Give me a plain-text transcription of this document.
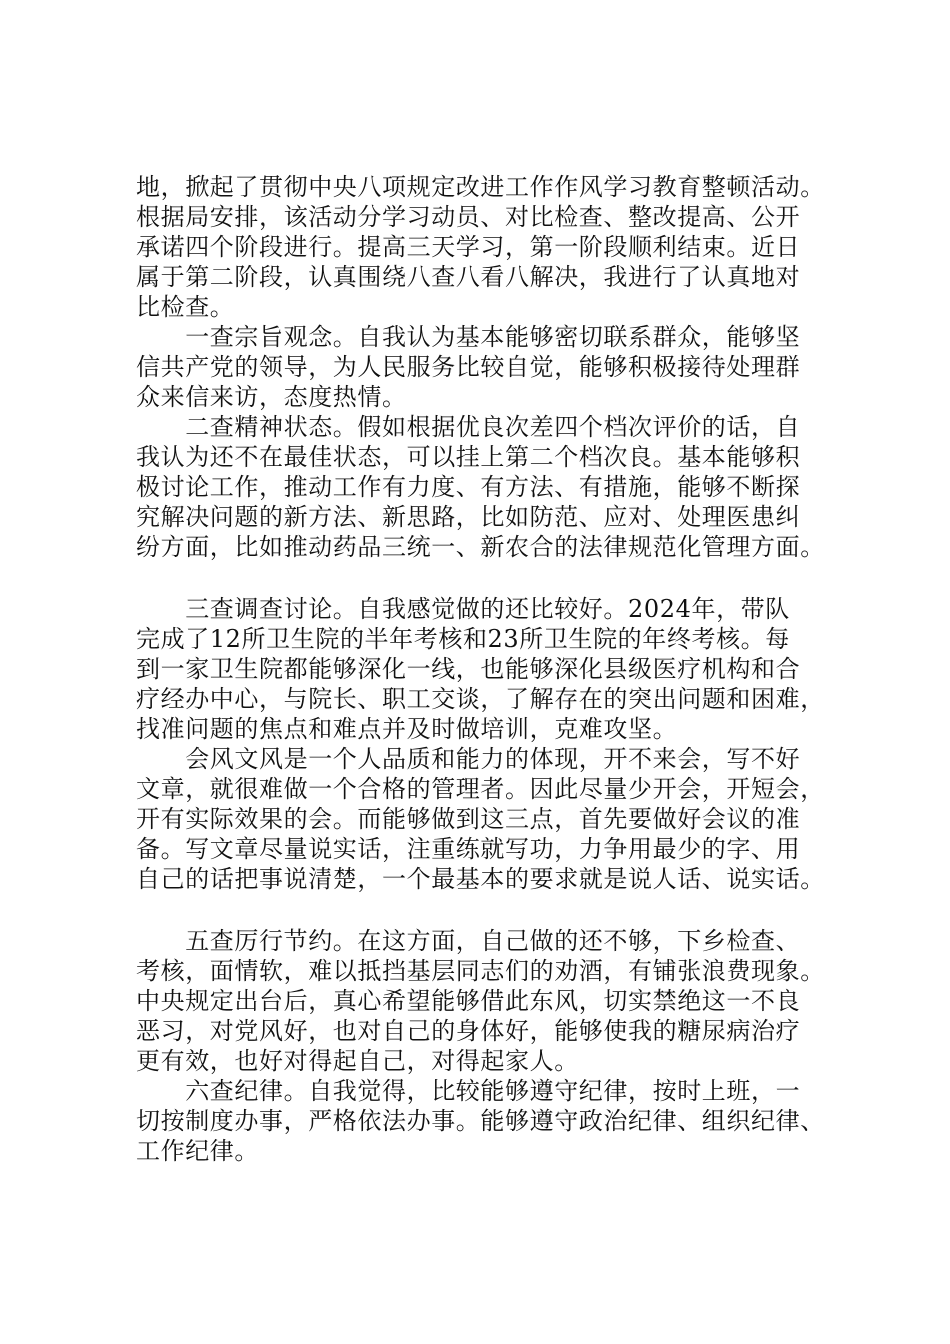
地，掀起了贯彻中央八项规定改进工作作风学习教育整顿活动。
根据局安排，该活动分学习动员、对比检查、整改提高、公开
承诺四个阶段进行。提高三天学习，第一阶段顺利结束。近日
属于第二阶段，认真围绕八查八看八解决，我进行了认真地对
比检查。
　　一查宗旨观念。自我认为基本能够密切联系群众，能够坚
信共产党的领导，为人民服务比较自觉，能够积极接待处理群
众来信来访，态度热情。
　　二查精神状态。假如根据优良次差四个档次评价的话，自
我认为还不在最佳状态，可以挂上第二个档次良。基本能够积
极讨论工作，推动工作有力度、有方法、有措施，能够不断探
究解决问题的新方法、新思路，比如防范、应对、处理医患纠
纷方面，比如推动药品三统一、新农合的法律规范化管理方面。
　　三查调查讨论。自我感觉做的还比较好。2024年，带队
完成了12所卫生院的半年考核和23所卫生院的年终考核。每
到一家卫生院都能够深化一线，也能够深化县级医疗机构和合
疗经办中心，与院长、职工交谈，了解存在的突出问题和困难，
找准问题的焦点和难点并及时做培训，克难攻坚。
　　会风文风是一个人品质和能力的体现，开不来会，写不好
文章，就很难做一个合格的管理者。因此尽量少开会，开短会，
开有实际效果的会。而能够做到这三点，首先要做好会议的准
备。写文章尽量说实话，注重练就写功，力争用最少的字、用
自己的话把事说清楚，一个最基本的要求就是说人话、说实话。
　　五查厉行节约。在这方面，自己做的还不够，下乡检查、
考核，面情软，难以抵挡基层同志们的劝酒，有铺张浪费现象。
中央规定出台后，真心希望能够借此东风，切实禁绝这一不良
恶习，对党风好，也对自己的身体好，能够使我的糖尿病治疗
更有效，也好对得起自己，对得起家人。
　　六查纪律。自我觉得，比较能够遵守纪律，按时上班，一
切按制度办事，严格依法办事。能够遵守政治纪律、组织纪律、
工作纪律。
